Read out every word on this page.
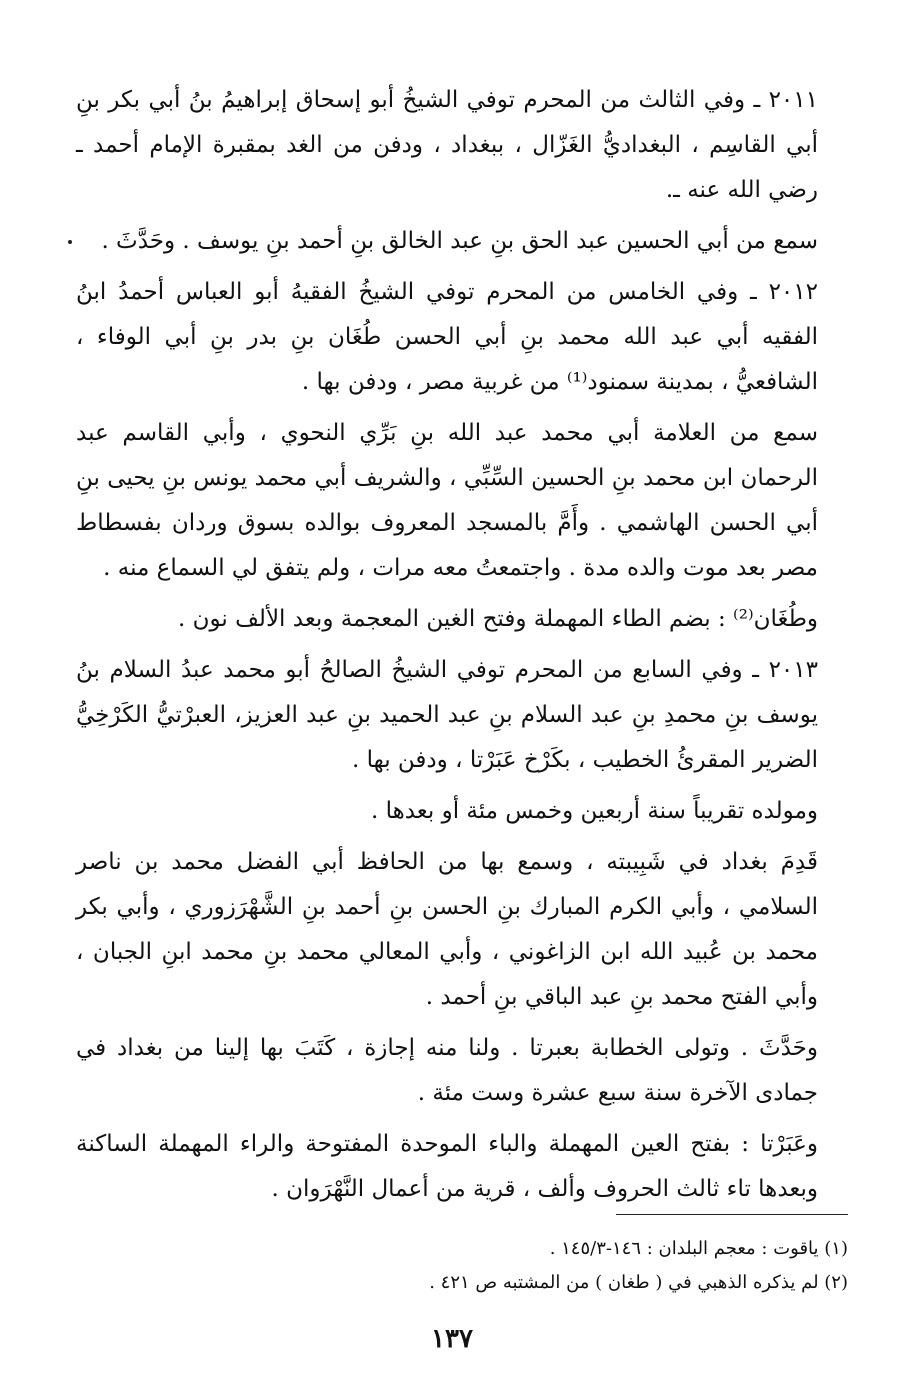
٢٠١١ ـ وفي الثالث من المحرم توفي الشيخُ أبو إسحاق إبراهيمُ بنُ أبي بكر بنِ أبي القاسِم ، البغداديُّ الغَزّال ، ببغداد ، ودفن من الغد بمقبرة الإمام أحمد ـ رضي الله عنه ـ.

سمع من أبي الحسين عبد الحق بنِ عبد الخالق بنِ أحمد بنِ يوسف . وحَدَّثَ .

٢٠١٢ ـ وفي الخامس من المحرم توفي الشيخُ الفقيهُ أبو العباس أحمدُ ابنُ الفقيه أبي عبد الله محمد بنِ أبي الحسن طُغَان بنِ بدر بنِ أبي الوفاء ، الشافعيُّ ، بمدينة سمنود⁽¹⁾ من غربية مصر ، ودفن بها .

سمع من العلامة أبي محمد عبد الله بنِ بَرِّي النحوي ، وأبي القاسم عبد الرحمان ابن محمد بنِ الحسين السِّبِّي ، والشريف أبي محمد يونس بنِ يحيى بنِ أبي الحسن الهاشمي . وأَمَّ بالمسجد المعروف بوالده بسوق وردان بفسطاط مصر بعد موت والده مدة . واجتمعتُ معه مرات ، ولم يتفق لي السماع منه .

وطُغَان⁽²⁾ : بضم الطاء المهملة وفتح الغين المعجمة وبعد الألف نون .

٢٠١٣ ـ وفي السابع من المحرم توفي الشيخُ الصالحُ أبو محمد عبدُ السلام بنُ يوسف بنِ محمدِ بنِ عبد السلام بنِ عبد الحميد بنِ عبد العزيز، العبرْتيُّ الكَرْخِيُّ الضرير المقرئُ الخطيب ، بكَرْخ عَبَرْتا ، ودفن بها .

ومولده تقريباً سنة أربعين وخمس مئة أو بعدها .

قَدِمَ بغداد في شَبِيبته ، وسمع بها من الحافظ أبي الفضل محمد بن ناصر السلامي ، وأبي الكرم المبارك بنِ الحسن بنِ أحمد بنِ الشَّهْرَزوري ، وأبي بكر محمد بن عُبيد الله ابن الزاغوني ، وأبي المعالي محمد بنِ محمد ابنِ الجبان ، وأبي الفتح محمد بنِ عبد الباقي بنِ أحمد .

وحَدَّثَ . وتولى الخطابة بعبرتا . ولنا منه إجازة ، كَتَبَ بها إلينا من بغداد في جمادى الآخرة سنة سبع عشرة وست مئة .

وعَبَرْتا : بفتح العين المهملة والباء الموحدة المفتوحة والراء المهملة الساكنة وبعدها تاء ثالث الحروف وألف ، قرية من أعمال النَّهْرَوان .

(١) ياقوت : معجم البلدان : ١٤٦-١٤٥/٣ .

(٢) لم يذكره الذهبي في ( طغان ) من المشتبه ص ٤٢١ .

١٣٧
